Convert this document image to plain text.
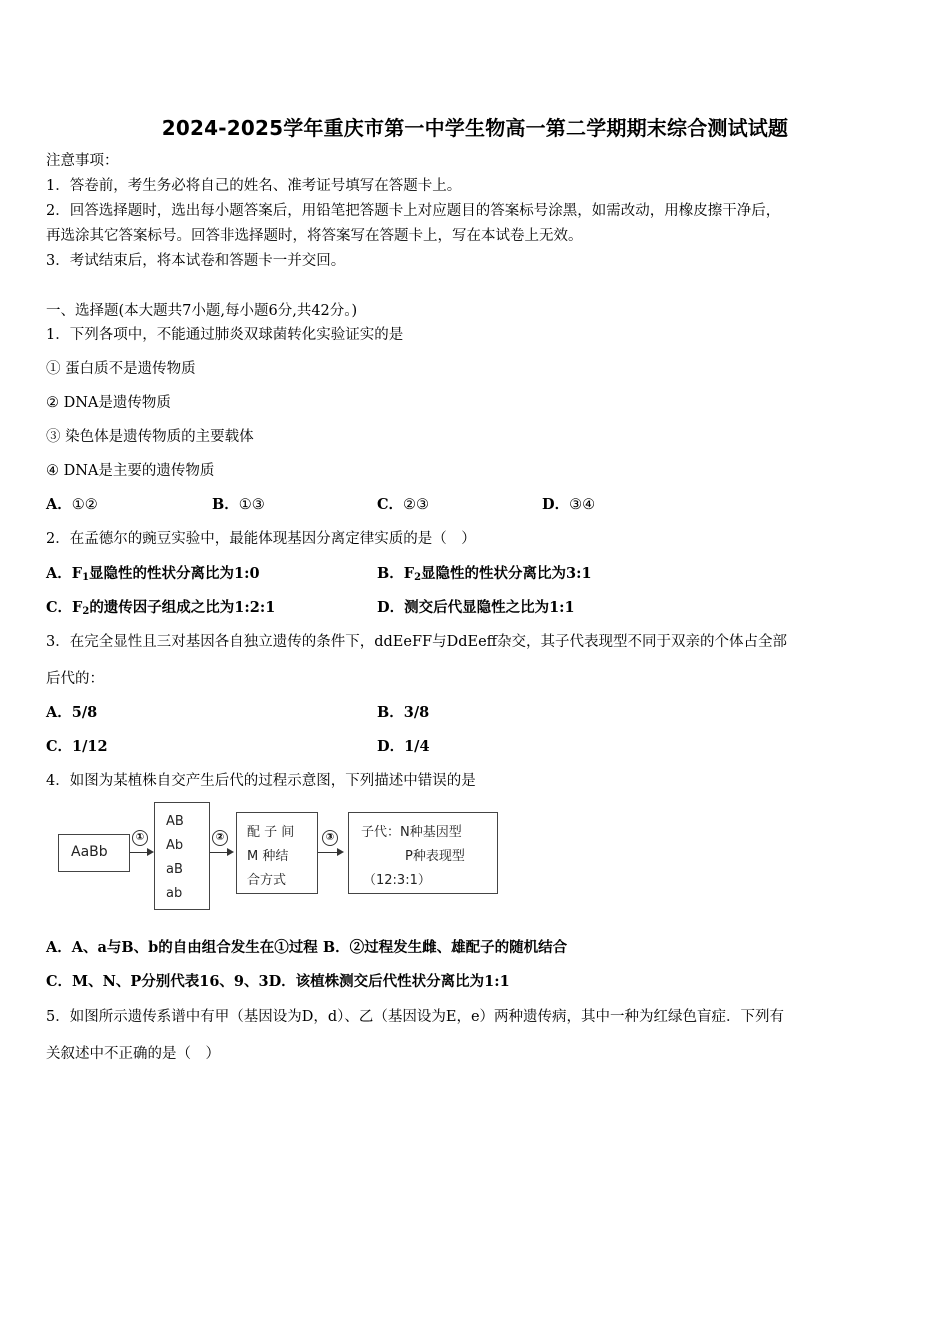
2024-2025学年重庆市第一中学生物高一第二学期期末综合测试试题
注意事项：
1．答卷前，考生务必将自己的姓名、准考证号填写在答题卡上。
2．回答选择题时，选出每小题答案后，用铅笔把答题卡上对应题目的答案标号涂黑，如需改动，用橡皮擦干净后，
再选涂其它答案标号。回答非选择题时，将答案写在答题卡上，写在本试卷上无效。
3．考试结束后，将本试卷和答题卡一并交回。
一、选择题(本大题共7小题,每小题6分,共42分。)
1．下列各项中，不能通过肺炎双球菌转化实验证实的是
① 蛋白质不是遗传物质
② DNA是遗传物质
③ 染色体是遗传物质的主要载体
④ DNA是主要的遗传物质
A．①②	B．①③	C．②③	D．③④
2．在孟德尔的豌豆实验中，最能体现基因分离定律实质的是（　）
A．$F_1$显隐性的性状分离比为1:0	B．$F_2$显隐性的性状分离比为3:1
C．$F_2$的遗传因子组成之比为1:2:1	D．测交后代显隐性之比为1:1
3．在完全显性且三对基因各自独立遗传的条件下，ddEeFF与DdEeff杂交，其子代表现型不同于双亲的个体占全部
后代的：
A．5/8	B．3/8
C．1/12	D．1/4
4．如图为某植株自交产生后代的过程示意图，下列描述中错误的是
AaBb
①
AB
Ab
aB
ab
② 配 子 间
M 种结
合方式
③ 子代：N种基因型
P种表现型
（12:3:1）
A．A、a与B、b的自由组合发生在①过程 B．②过程发生雌、雄配子的随机结合
C．M、N、P分别代表16、9、3D．该植株测交后代性状分离比为1:1
5．如图所示遗传系谱中有甲（基因设为D，d）、乙（基因设为E，e）两种遗传病，其中一种为红绿色盲症．下列有
关叙述中不正确的是（　）
